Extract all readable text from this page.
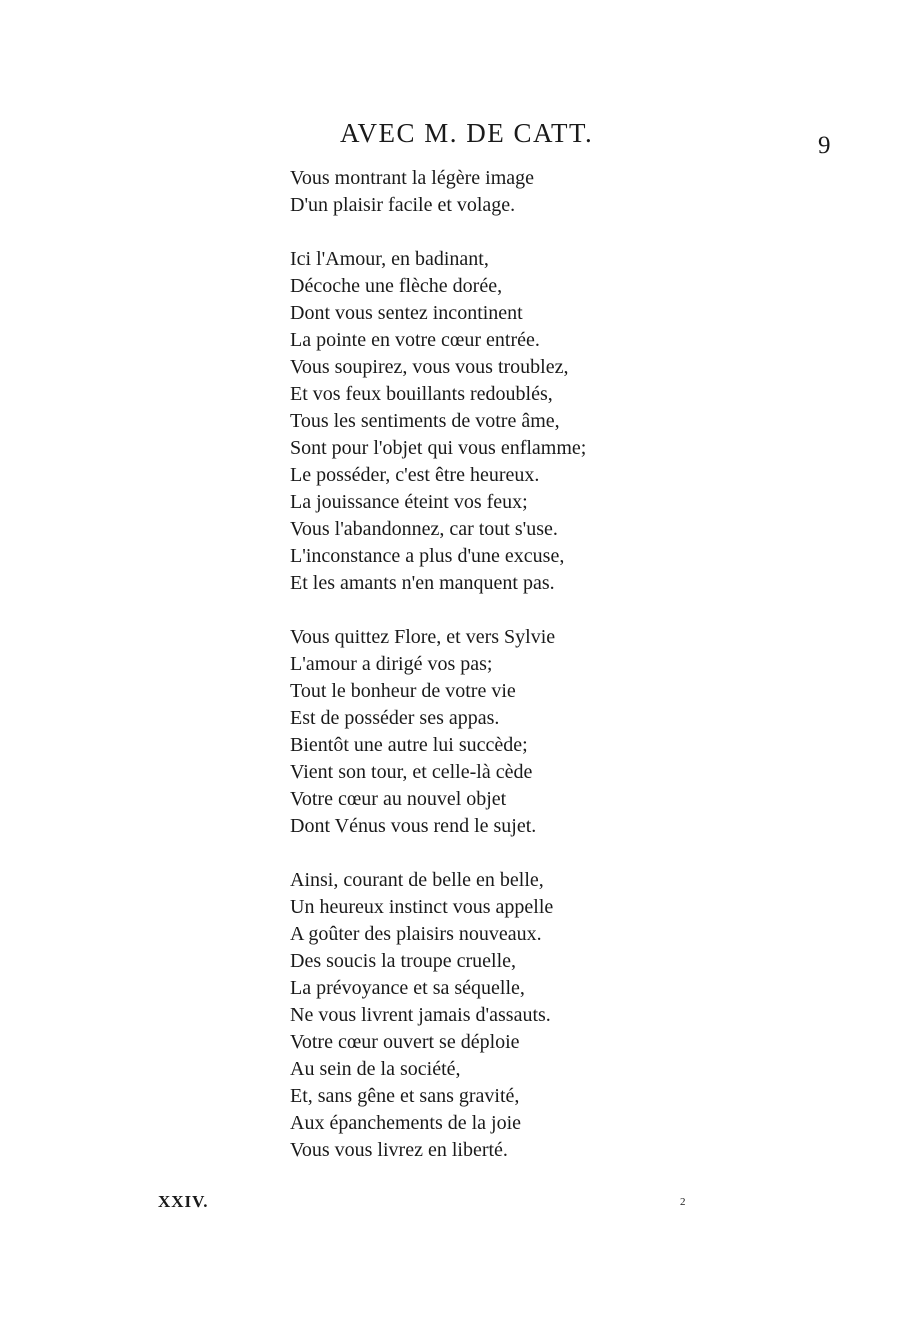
AVEC M. DE CATT.	9
Vous montrant la légère image
D'un plaisir facile et volage.
Ici l'Amour, en badinant,
Décoche une flèche dorée,
Dont vous sentez incontinent
La pointe en votre cœur entrée.
Vous soupirez, vous vous troublez,
Et vos feux bouillants redoublés,
Tous les sentiments de votre âme,
Sont pour l'objet qui vous enflamme;
Le posséder, c'est être heureux.
La jouissance éteint vos feux;
Vous l'abandonnez, car tout s'use.
L'inconstance a plus d'une excuse,
Et les amants n'en manquent pas.
Vous quittez Flore, et vers Sylvie
L'amour a dirigé vos pas;
Tout le bonheur de votre vie
Est de posséder ses appas.
Bientôt une autre lui succède;
Vient son tour, et celle-là cède
Votre cœur au nouvel objet
Dont Vénus vous rend le sujet.
Ainsi, courant de belle en belle,
Un heureux instinct vous appelle
A goûter des plaisirs nouveaux.
Des soucis la troupe cruelle,
La prévoyance et sa séquelle,
Ne vous livrent jamais d'assauts.
Votre cœur ouvert se déploie
Au sein de la société,
Et, sans gêne et sans gravité,
Aux épanchements de la joie
Vous vous livrez en liberté.
XXIV.	2
